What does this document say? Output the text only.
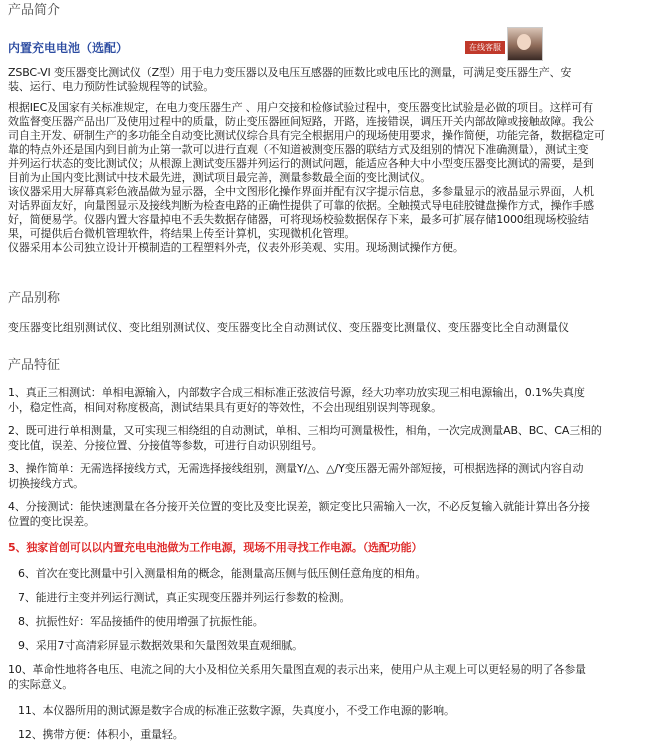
产品简介
内置充电电池（选配）	在线客服
ZSBC-VI 变压器变比测试仪（Z型）用于电力变压器以及电压互感器的匝数比或电压比的测量，可满足变压器生产、安
装、运行、电力预防性试验规程等的试验。
根据IEC及国家有关标准规定，在电力变压器生产 、用户交接和检修试验过程中，变压器变比试验是必做的项目。这样可有
效监督变压器产品出厂及使用过程中的质量，防止变压器匝间短路，开路，连接错误，调压开关内部故障或接触故障。我公
司自主开发、研制生产的多功能全自动变比测试仪综合具有完全根据用户的现场使用要求，操作简便，功能完备，数据稳定可
靠的特点外还是国内到目前为止第一款可以进行直观（不知道被测变压器的联结方式及组别的情况下准确测量），测试主变
并列运行状态的变比测试仪；从根源上测试变压器并列运行的测试问题，能适应各种大中小型变压器变比测试的需要，是到
目前为止国内变比测试中技术最先进，测试项目最完善，测量参数最全面的变比测试仪。
该仪器采用大屏幕真彩色液晶做为显示器，全中文图形化操作界面并配有汉字提示信息，多参量显示的液晶显示界面，人机
对话界面友好，向量图显示及接线判断为检查电路的正确性提供了可靠的依据。全触摸式导电硅胶键盘操作方式，操作手感
好，简便易学。仪器内置大容量掉电不丢失数据存储器，可将现场校验数据保存下来，最多可扩展存储1000组现场校验结
果，可提供后台微机管理软件，将结果上传至计算机，实现微机化管理。
仪器采用本公司独立设计开模制造的工程塑料外壳，仪表外形美观、实用。现场测试操作方便。
产品别称
变压器变比组别测试仪、变比组别测试仪、变压器变比全自动测试仪、变压器变比测量仪、变压器变比全自动测量仪
产品特征
1、真正三相测试：单相电源输入，内部数字合成三相标准正弦波信号源，经大功率功放实现三相电源输出，0.1%失真度
小，稳定性高，相间对称度极高，测试结果具有更好的等效性，不会出现组别误判等现象。
2、既可进行单相测量，又可实现三相绕组的自动测试，单相、三相均可测量极性，相角，一次完成测量AB、BC、CA三相的
变比值，误差、分接位置、分接值等参数，可进行自动识别组号。
3、操作简单：无需选择接线方式，无需选择接线组别，测量Y/△、△/Y变压器无需外部短接，可根据选择的测试内容自动
切换接线方式。
4、分接测试：能快速测量在各分接开关位置的变比及变比误差，额定变比只需输入一次，不必反复输入就能计算出各分接
位置的变比误差。
5、独家首创可以以内置充电电池做为工作电源，现场不用寻找工作电源。（选配功能）
6、首次在变比测量中引入测量相角的概念，能测量高压侧与低压侧任意角度的相角。
7、能进行主变并列运行测试，真正实现变压器并列运行参数的检测。
8、抗振性好：军品接插件的使用增强了抗振性能。
9、采用7寸高清彩屏显示数据效果和矢量图效果直观细腻。
10、革命性地将各电压、电流之间的大小及相位关系用矢量图直观的表示出来，使用户从主观上可以更轻易的明了各参量
的实际意义。
11、本仪器所用的测试源是数字合成的标准正弦数字源，失真度小，不受工作电源的影响。
12、携带方便：体积小，重量轻。
